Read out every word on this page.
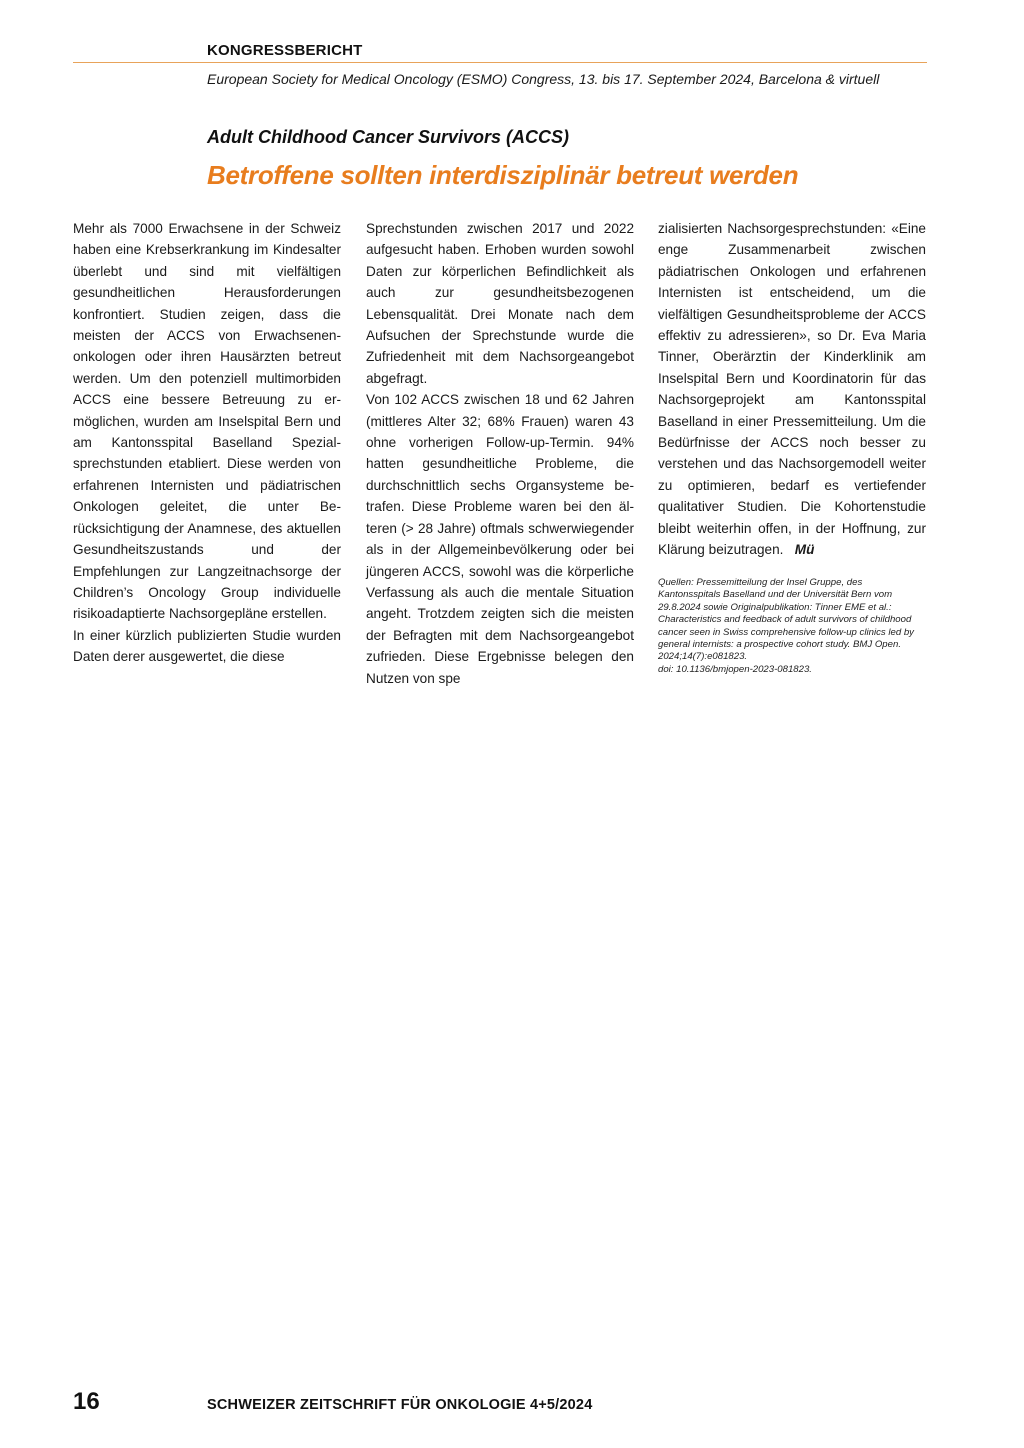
KONGRESSBERICHT
European Society for Medical Oncology (ESMO) Congress, 13. bis 17. September 2024, Barcelona & virtuell
Adult Childhood Cancer Survivors (ACCS)
Betroffene sollten interdisziplinär betreut werden

Mehr als 7000 Erwachsene in der Schweiz haben eine Krebserkrankung im Kindesalter überlebt und sind mit vielfältigen gesundheitlichen Herausforderungen konfrontiert. Studien zeigen, dass die meisten der ACCS von Erwachsenenonkologen oder ihren Hausärzten betreut werden. Um den potenziell multimorbiden ACCS eine bessere Betreuung zu ermöglichen, wurden am Inselspital Bern und am Kantonsspital Baselland Spezialsprechstunden etabliert. Diese werden von erfahrenen Internisten und pädiatrischen Onkologen geleitet, die unter Berücksichtigung der Anamnese, des aktuellen Gesundheitszustands und der Empfehlungen zur Langzeitnachsorge der Children’s Oncology Group individuelle risikoadaptierte Nachsorgepläne erstellen.

In einer kürzlich publizierten Studie wurden Daten derer ausgewertet, die diese

Sprechstunden zwischen 2017 und 2022 aufgesucht haben. Erhoben wurden sowohl Daten zur körperlichen Befindlichkeit als auch zur gesundheitsbezogenen Lebensqualität. Drei Monate nach dem Aufsuchen der Sprechstunde wurde die Zufriedenheit mit dem Nachsorgeangebot abgefragt.

Von 102 ACCS zwischen 18 und 62 Jahren (mittleres Alter 32; 68% Frauen) waren 43 ohne vorherigen Follow-up-Termin. 94% hatten gesundheitliche Probleme, die durchschnittlich sechs Organsysteme betrafen. Diese Probleme waren bei den älteren (> 28 Jahre) oftmals schwerwiegender als in der Allgemeinbevölkerung oder bei jüngeren ACCS, sowohl was die körperliche Verfassung als auch die mentale Situation angeht. Trotzdem zeigten sich die meisten der Befragten mit dem Nachsorgeangebot zufrieden. Diese Ergebnisse belegen den Nutzen von spe

zialisierten Nachsorgesprechstunden: «Eine enge Zusammenarbeit zwischen pädiatrischen Onkologen und erfahrenen Internisten ist entscheidend, um die vielfältigen Gesundheitsprobleme der ACCS effektiv zu adressieren», so Dr. Eva Maria Tinner, Oberärztin der Kinderklinik am Inselspital Bern und Koordinatorin für das Nachsorgeprojekt am Kantonsspital Baselland in einer Pressemitteilung. Um die Bedürfnisse der ACCS noch besser zu verstehen und das Nachsorgemodell weiter zu optimieren, bedarf es vertiefender qualitativer Studien. Die Kohortenstudie bleibt weiterhin offen, in der Hoffnung, zur Klärung beizutragen. Mü

Quellen: Pressemitteilung der Insel Gruppe, des Kantonsspitals Baselland und der Universität Bern vom 29.8.2024 sowie Originalpublikation: Tinner EME et al.: Characteristics and feedback of adult survivors of childhood cancer seen in Swiss comprehensive follow-up clinics led by general internists: a prospective cohort study. BMJ Open. 2024;14(7):e081823.

doi: 10.1136/bmjopen-2023-081823.

16	SCHWEIZER ZEITSCHRIFT FÜR ONKOLOGIE 4+5/2024
